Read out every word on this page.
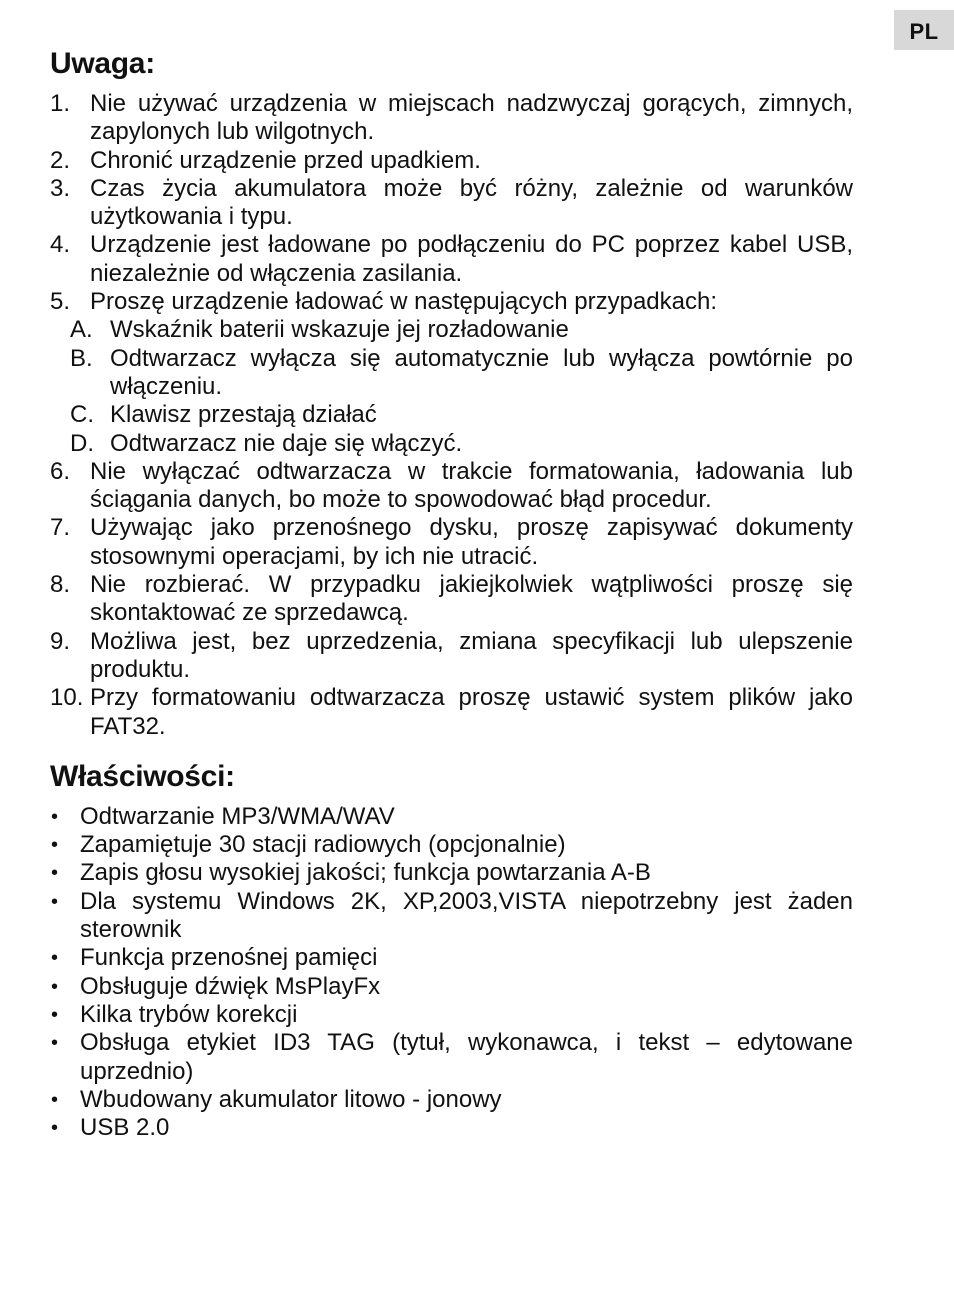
PL
Uwaga:
1. Nie używać urządzenia w miejscach nadzwyczaj gorących, zimnych, zapylonych lub wilgotnych.
2. Chronić urządzenie przed upadkiem.
3. Czas życia akumulatora może być różny, zależnie od warunków użytkowania i typu.
4. Urządzenie jest ładowane po podłączeniu do PC poprzez kabel USB, niezależnie od włączenia zasilania.
5. Proszę urządzenie ładować w następujących przypadkach:
A. Wskaźnik baterii wskazuje jej rozładowanie
B. Odtwarzacz wyłącza się automatycznie lub wyłącza powtórnie po włączeniu.
C. Klawisz przestają działać
D. Odtwarzacz nie daje się włączyć.
6. Nie wyłączać odtwarzacza w trakcie formatowania, ładowania lub ściągania danych, bo może to spowodować błąd procedur.
7. Używając jako przenośnego dysku, proszę zapisywać dokumenty stosownymi operacjami, by ich nie utracić.
8. Nie rozbierać. W przypadku jakiejkolwiek wątpliwości proszę się skontaktować ze sprzedawcą.
9. Możliwa jest, bez uprzedzenia, zmiana specyfikacji lub ulepszenie produktu.
10. Przy formatowaniu odtwarzacza proszę ustawić system plików jako FAT32.
Właściwości:
• Odtwarzanie MP3/WMA/WAV
• Zapamiętuje 30 stacji radiowych (opcjonalnie)
• Zapis głosu wysokiej jakości; funkcja powtarzania A-B
• Dla systemu Windows 2K, XP,2003,VISTA niepotrzebny jest żaden sterownik
• Funkcja przenośnej pamięci
• Obsługuje dźwięk MsPlayFx
• Kilka trybów korekcji
• Obsługa etykiet ID3 TAG (tytuł, wykonawca, i tekst – edytowane uprzednio)
• Wbudowany akumulator litowo - jonowy
• USB 2.0
